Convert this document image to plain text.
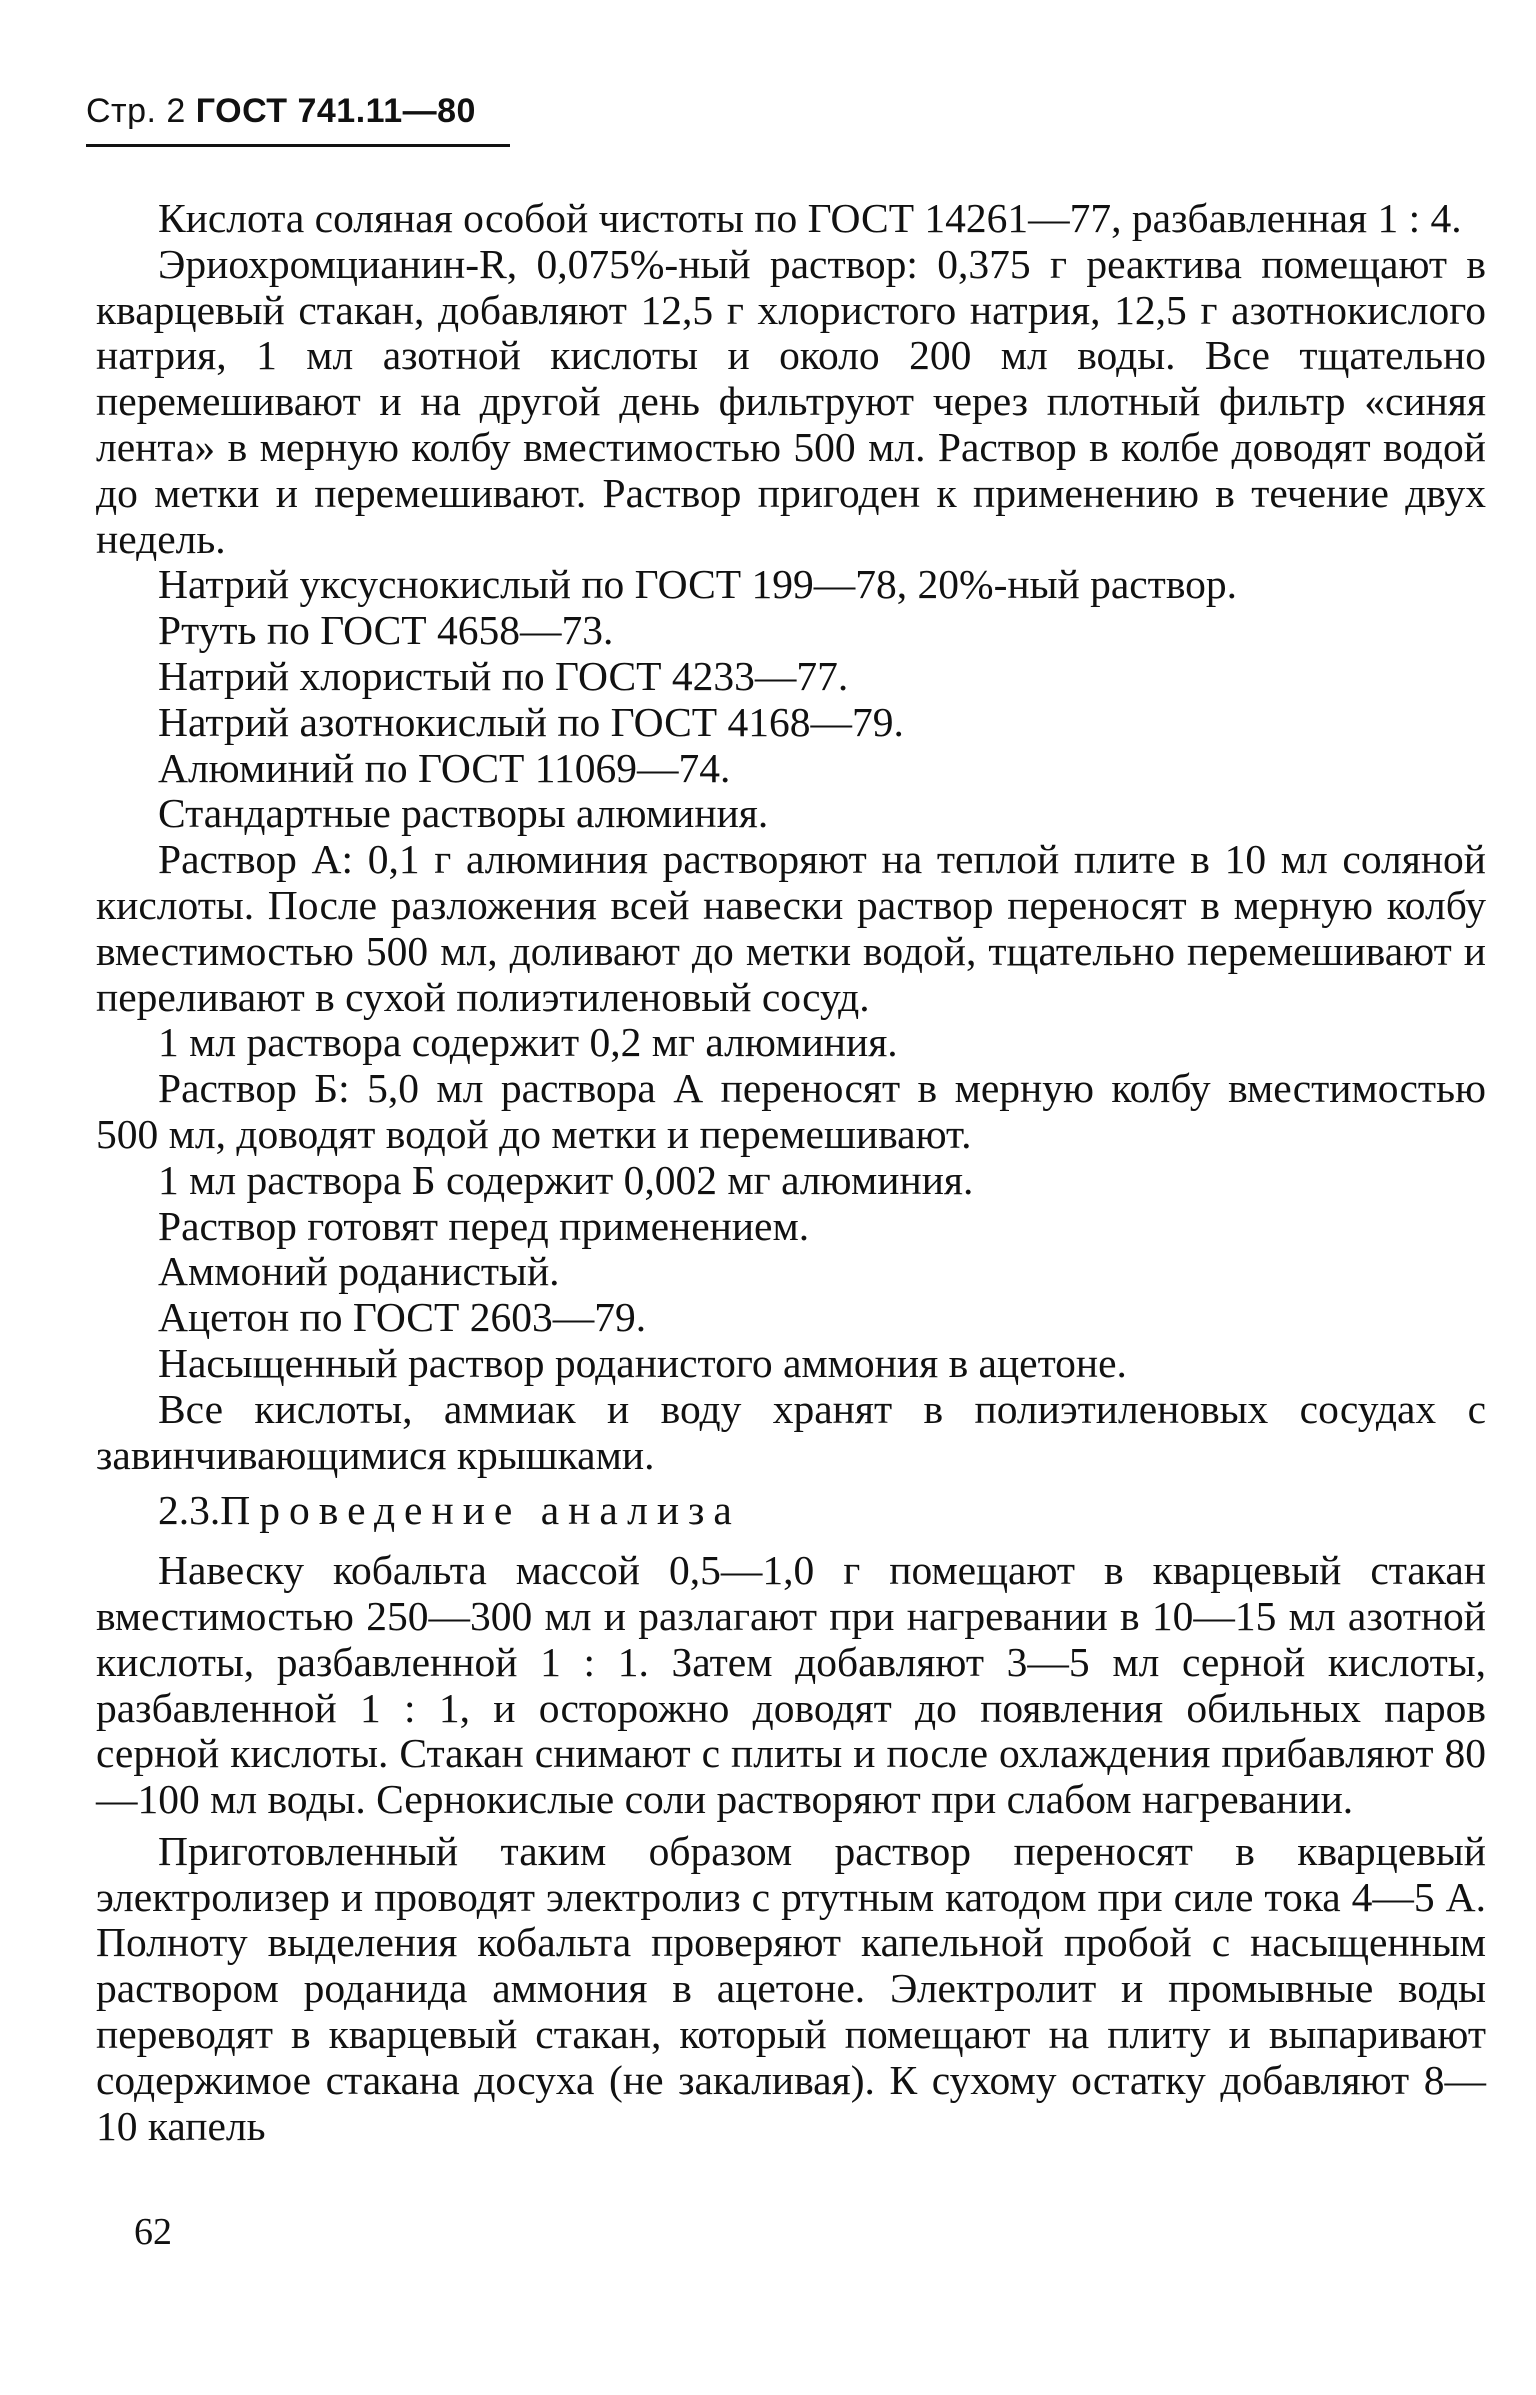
Стр. 2 ГОСТ 741.11—80

Кислота соляная особой чистоты по ГОСТ 14261—77, разбавленная 1 : 4.

Эриохромцианин-R, 0,075%-ный раствор: 0,375 г реактива помещают в кварцевый стакан, добавляют 12,5 г хлористого натрия, 12,5 г азотнокислого натрия, 1 мл азотной кислоты и около 200 мл воды. Все тщательно перемешивают и на другой день фильтруют через плотный фильтр «синяя лента» в мерную колбу вместимостью 500 мл. Раствор в колбе доводят водой до метки и перемешивают. Раствор пригоден к применению в течение двух недель.

Натрий уксуснокислый по ГОСТ 199—78, 20%-ный раствор.

Ртуть по ГОСТ 4658—73.

Натрий хлористый по ГОСТ 4233—77.

Натрий азотнокислый по ГОСТ 4168—79.

Алюминий по ГОСТ 11069—74.

Стандартные растворы алюминия.

Раствор А: 0,1 г алюминия растворяют на теплой плите в 10 мл соляной кислоты. После разложения всей навески раствор переносят в мерную колбу вместимостью 500 мл, доливают до метки водой, тщательно перемешивают и переливают в сухой полиэтиленовый сосуд.

1 мл раствора содержит 0,2 мг алюминия.

Раствор Б: 5,0 мл раствора А переносят в мерную колбу вместимостью 500 мл, доводят водой до метки и перемешивают.

1 мл раствора Б содержит 0,002 мг алюминия.

Раствор готовят перед применением.

Аммоний роданистый.

Ацетон по ГОСТ 2603—79.

Насыщенный раствор роданистого аммония в ацетоне.

Все кислоты, аммиак и воду хранят в полиэтиленовых сосудах с завинчивающимися крышками.

2.3.Проведение анализа

Навеску кобальта массой 0,5—1,0 г помещают в кварцевый стакан вместимостью 250—300 мл и разлагают при нагревании в 10—15 мл азотной кислоты, разбавленной 1 : 1. Затем добавляют 3—5 мл серной кислоты, разбавленной 1 : 1, и осторожно доводят до появления обильных паров серной кислоты. Стакан снимают с плиты и после охлаждения прибавляют 80—100 мл воды. Сернокислые соли растворяют при слабом нагревании.

Приготовленный таким образом раствор переносят в кварцевый электролизер и проводят электролиз с ртутным катодом при силе тока 4—5 А. Полноту выделения кобальта проверяют капельной пробой с насыщенным раствором роданида аммония в ацетоне. Электролит и промывные воды переводят в кварцевый стакан, который помещают на плиту и выпаривают содержимое стакана досуха (не закаливая). К сухому остатку добавляют 8—10 капель

62
